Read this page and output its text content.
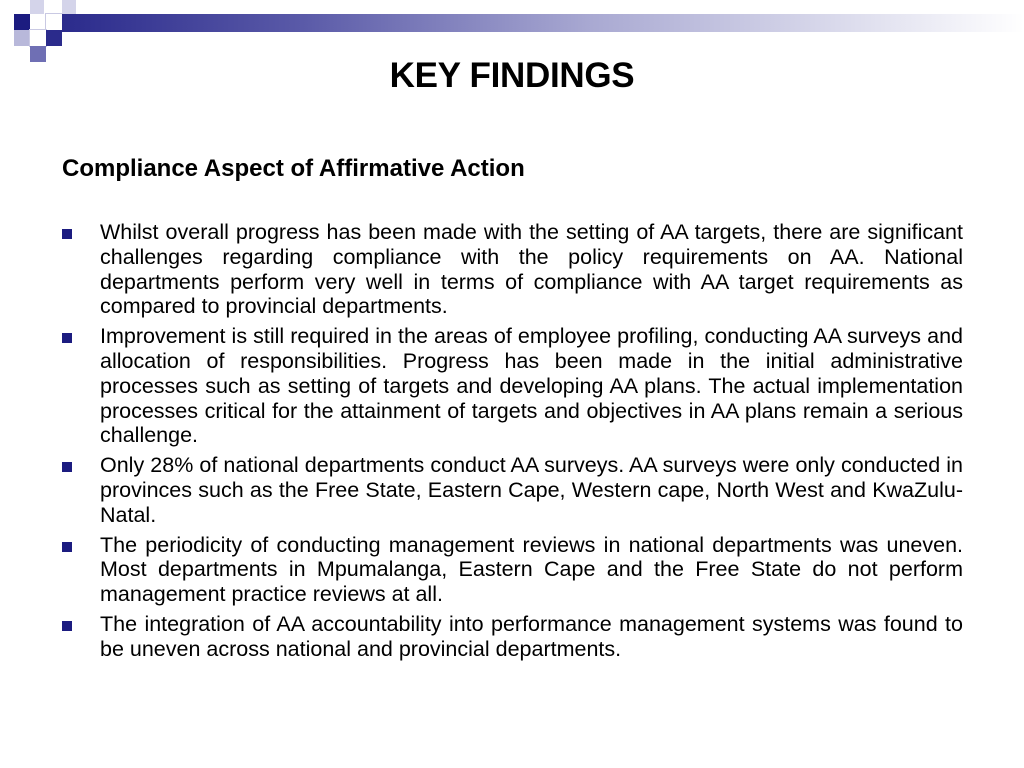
KEY FINDINGS
Compliance Aspect of Affirmative Action
Whilst overall progress has been made with the setting of AA targets, there are significant challenges regarding compliance with the policy requirements on AA. National departments perform very well in terms of compliance with AA target requirements as compared to provincial departments.
Improvement is still required in the areas of employee profiling, conducting AA surveys and allocation of responsibilities. Progress has been made in the initial administrative processes such as setting of targets and developing AA plans. The actual implementation processes critical for the attainment of targets and objectives in AA plans remain a serious challenge.
Only 28% of national departments conduct AA surveys. AA surveys were only conducted in provinces such as the Free State, Eastern Cape, Western cape, North West and KwaZulu-Natal.
The periodicity of conducting management reviews in national departments was uneven. Most departments in Mpumalanga, Eastern Cape and the Free State do not perform management practice reviews at all.
The integration of AA accountability into performance management systems was found to be uneven across national and provincial departments.
